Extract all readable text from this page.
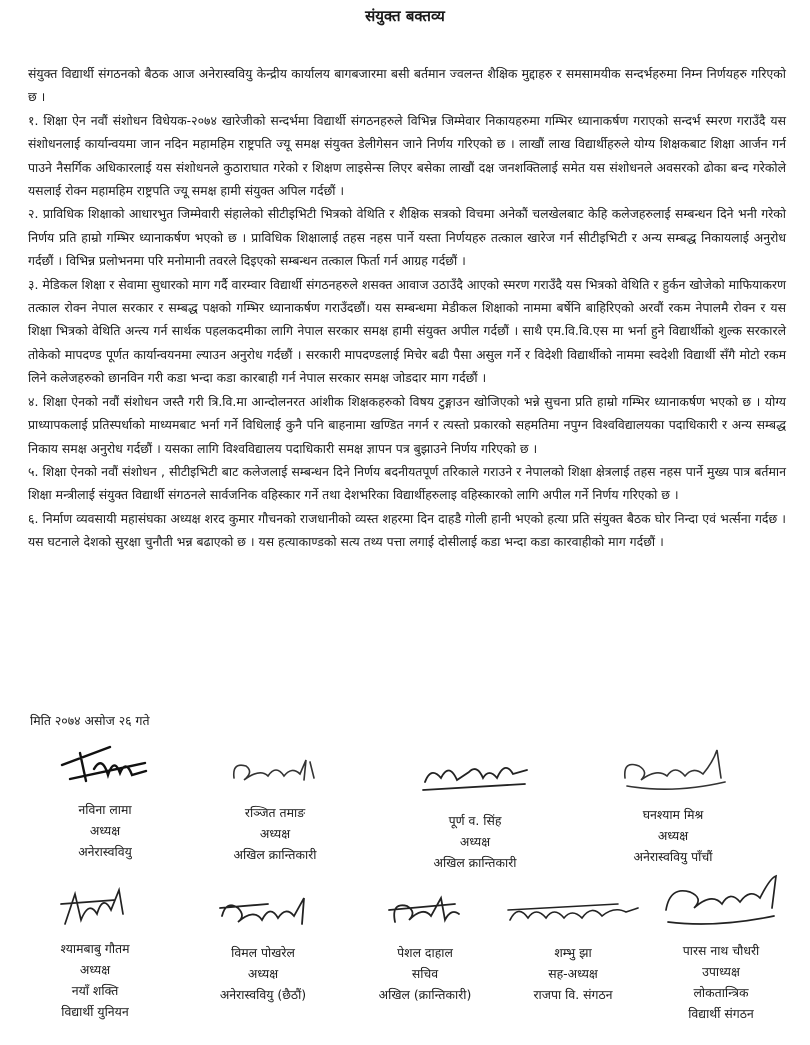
संयुक्त बक्तव्य

संयुक्त विद्यार्थी संगठनको बैठक आज अनेरास्ववियु केन्द्रीय कार्यालय बागबजारमा बसी बर्तमान ज्वलन्त शैक्षिक मुद्दाहरु र समसामयीक सन्दर्भहरुमा निम्न निर्णयहरु गरिएको छ ।

१. शिक्षा ऐन नवौं संशोधन विधेयक-२०७४ खारेजीको सन्दर्भमा विद्यार्थी संगठनहरुले विभिन्न जिम्मेवार निकायहरुमा गम्भिर ध्यानाकर्षण गराएको सन्दर्भ स्मरण गराउँदै यस संशोधनलाई कार्यान्वयमा जान नदिन महामहिम राष्ट्रपति ज्यू समक्ष संयुक्त डेलीगेसन जाने निर्णय गरिएको छ । लाखौं लाख विद्यार्थीहरुले योग्य शिक्षकबाट शिक्षा आर्जन गर्न पाउने नैसर्गिक अधिकारलाई यस संशोधनले कुठाराघात गरेको र शिक्षण लाइसेन्स लिएर बसेका लाखौं दक्ष जनशक्तिलाई समेत यस संशोधनले अवसरको ढोका बन्द गरेकोले यसलाई रोक्न महामहिम राष्ट्रपति ज्यू समक्ष हामी संयुक्त अपिल गर्दछौं ।

२. प्राविधिक शिक्षाको आधारभुत जिम्मेवारी संहालेको सीटीइभिटी भित्रको वेथिति र शैक्षिक सत्रको विचमा अनेकौं चलखेलबाट केहि कलेजहरुलाई सम्बन्धन दिने भनी गरेको निर्णय प्रति हाम्रो गम्भिर ध्यानाकर्षण भएको छ । प्राविधिक शिक्षालाई तहस नहस पार्ने यस्ता निर्णयहरु तत्काल खारेज गर्न सीटीइभिटी र अन्य सम्बद्ध निकायलाई अनुरोध गर्दछौं । विभिन्न प्रलोभनमा परि मनोमानी तवरले दिइएको सम्बन्धन तत्काल फिर्ता गर्न आग्रह गर्दछौं ।

३. मेडिकल शिक्षा र सेवामा सुधारको माग गर्दै वारम्वार विद्यार्थी संगठनहरुले शसक्त आवाज उठाउँदै आएको स्मरण गराउँदै यस भित्रको वेथिति र हुर्कन खोजेको माफियाकरण तत्काल रोक्न नेपाल सरकार र सम्बद्ध पक्षको गम्भिर ध्यानाकर्षण गराउँदछौं। यस सम्बन्धमा मेडीकल शिक्षाको नाममा बर्षेनि बाहिरिएको अरवौं रकम नेपालमै रोक्न र यस शिक्षा भित्रको वेथिति अन्त्य गर्न सार्थक पहलकदमीका लागि नेपाल सरकार समक्ष हामी संयुक्त अपील गर्दछौं । साथै एम.वि.वि.एस मा भर्ना हुने विद्यार्थीको शुल्क सरकारले तोकेको मापदण्ड पूर्णत कार्यान्वयनमा ल्याउन अनुरोध गर्दछौं । सरकारी मापदण्डलाई मिचेर बढी पैसा असुल गर्ने र विदेशी विद्यार्थीको नाममा स्वदेशी विद्यार्थी सँगै मोटो रकम लिने कलेजहरुको छानविन गरी कडा भन्दा कडा कारबाही गर्न नेपाल सरकार समक्ष जोडदार माग गर्दछौं ।

४. शिक्षा ऐनको नवौं संशोधन जस्तै गरी त्रि.वि.मा आन्दोलनरत आंशीक शिक्षकहरुको विषय टुङ्गाउन खोजिएको भन्ने सुचना प्रति हाम्रो गम्भिर ध्यानाकर्षण भएको छ । योग्य प्राध्यापकलाई प्रतिस्पर्धाको माध्यमबाट भर्ना गर्ने विधिलाई कुनै पनि बाहनामा खण्डित नगर्न र त्यस्तो प्रकारको सहमतिमा नपुग्न विश्वविद्यालयका पदाधिकारी र अन्य सम्बद्ध निकाय समक्ष अनुरोध गर्दछौं । यसका लागि विश्वविद्यालय पदाधिकारी समक्ष ज्ञापन पत्र बुझाउने निर्णय गरिएको छ ।

५. शिक्षा ऐनको नवौं संशोधन , सीटीइभिटी बाट कलेजलाई सम्बन्धन दिने निर्णय बदनीयतपूर्ण तरिकाले गराउने र नेपालको शिक्षा क्षेत्रलाई तहस नहस पार्ने मुख्य पात्र बर्तमान शिक्षा मन्त्रीलाई संयुक्त विद्यार्थी संगठनले सार्वजनिक वहिस्कार गर्ने तथा देशभरिका विद्यार्थीहरुलाइ वहिस्कारको लागि अपील गर्ने निर्णय गरिएको छ ।

६. निर्माण व्यवसायी महासंघका अध्यक्ष शरद कुमार गौचनको राजधानीको व्यस्त शहरमा दिन दाहडै गोली हानी भएको हत्या प्रति संयुक्त बैठक घोर निन्दा एवं भर्त्सना गर्दछ । यस घटनाले देशको सुरक्षा चुनौती भन्न बढाएको छ । यस हत्याकाण्डको सत्य तथ्य पत्ता लगाई दोसीलाई कडा भन्दा कडा कारवाहीको माग गर्दछौं ।

मिति २०७४ असोज २६ गते
नविना लामा
अध्यक्ष
अनेरास्ववियु
रञ्जित तमाङ
अध्यक्ष
अखिल क्रान्तिकारी
पूर्ण व. सिंह
अध्यक्ष
अखिल क्रान्तिकारी
घनश्याम मिश्र
अध्यक्ष
अनेरास्ववियु पाँचौं
श्यामबाबु गौतम
अध्यक्ष
नयाँ शक्ति
विद्यार्थी युनियन
विमल पोखरेल
अध्यक्ष
अनेरास्ववियु (छैठौं)
पेशल दाहाल
सचिव
अखिल (क्रान्तिकारी)
शम्भु झा
सह-अध्यक्ष
राजपा वि. संगठन
पारस नाथ चौधरी
उपाध्यक्ष
लोकतान्त्रिक
विद्यार्थी संगठन
